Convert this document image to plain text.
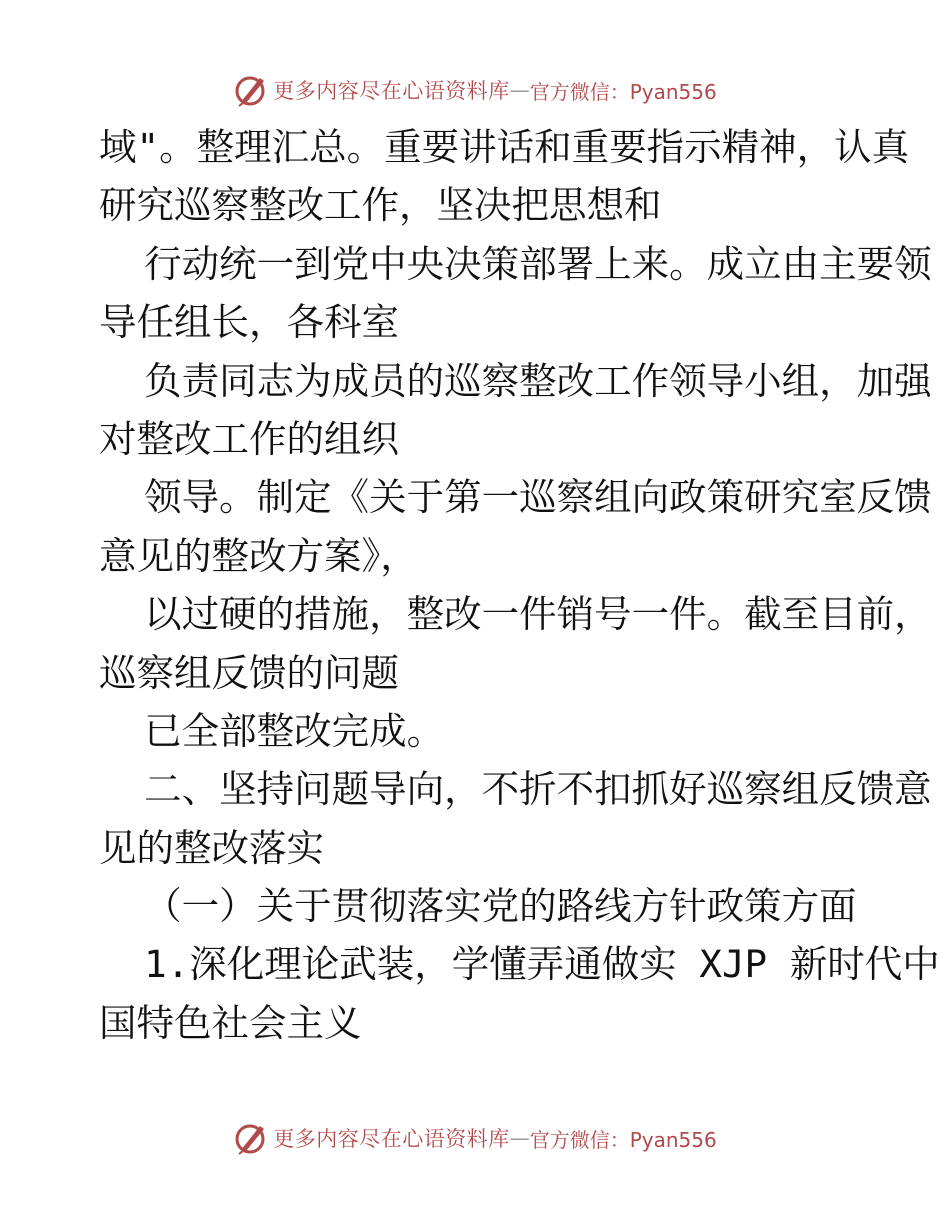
更多内容尽在心语资料库 — 官方微信：Pyan556
域"。整理汇总。重要讲话和重要指示精神，认真
研究巡察整改工作，坚决把思想和
行动统一到党中央决策部署上来。成立由主要领
导任组长，各科室
负责同志为成员的巡察整改工作领导小组，加强
对整改工作的组织
领导。制定《关于第一巡察组向政策研究室反馈
意见的整改方案》，
以过硬的措施，整改一件销号一件。截至目前，
巡察组反馈的问题
已全部整改完成。
二、坚持问题导向，不折不扣抓好巡察组反馈意
见的整改落实
（一）关于贯彻落实党的路线方针政策方面
1.深化理论武装，学懂弄通做实 XJP 新时代中
国特色社会主义
更多内容尽在心语资料库 — 官方微信：Pyan556
